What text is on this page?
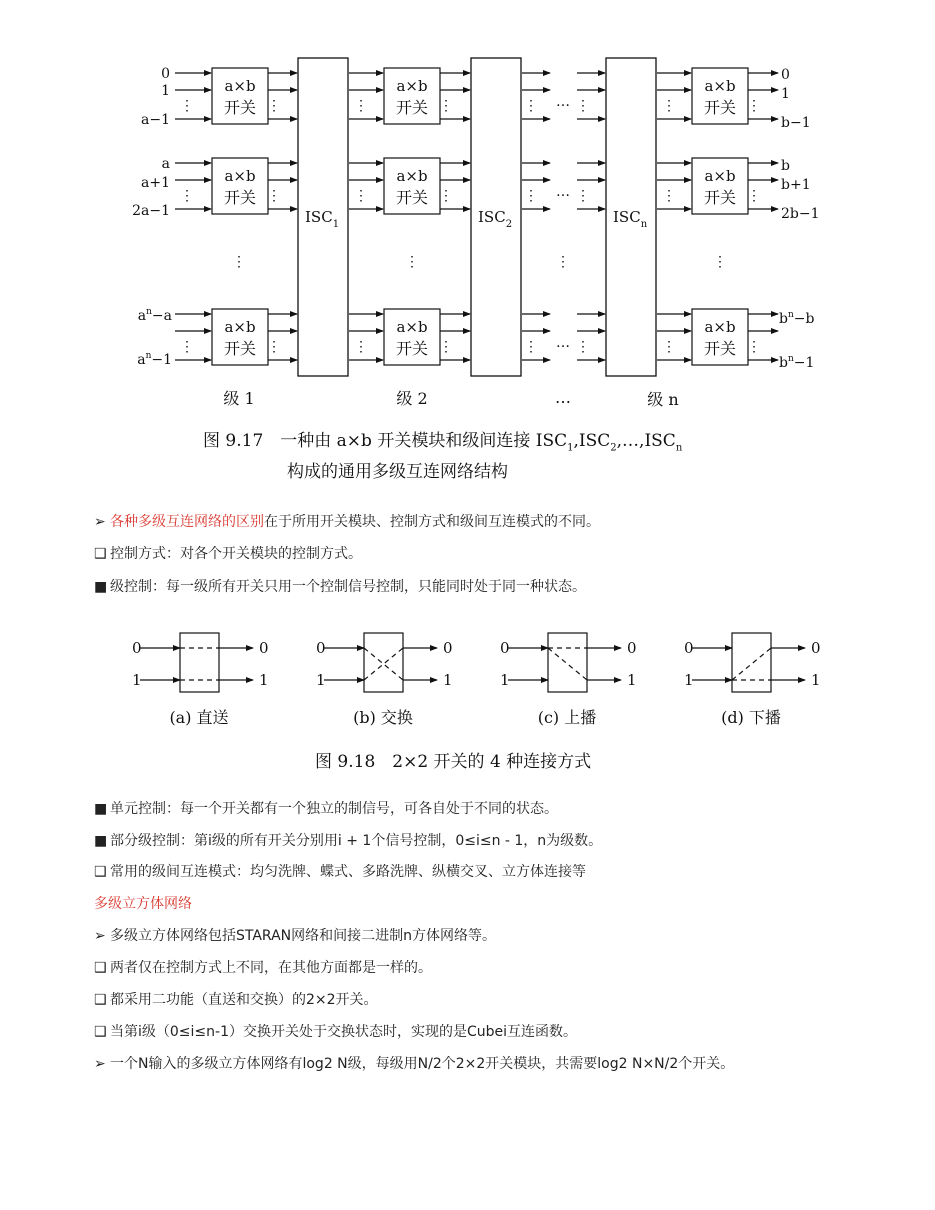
a×b
开关
⋮	⋮
a×b
开关
⋮	⋮
a×b
开关
⋮	⋮
⋮	⋮
…
a×b
开关
⋮	⋮
a×b
开关
⋮	⋮
a×b
开关
⋮	⋮
⋮	⋮
…
a×b
开关
⋮	⋮
a×b
开关
⋮	⋮
a×b
开关
⋮	⋮
⋮	⋮
…
⋮	⋮	⋮	⋮
$ISC_1$	$ISC_2$	$ISC_n$
0
1
a−1
a
a+1
2a−1
$a^n-a$
$a^n-1$
0
1
b−1
b
b+1
2b−1
$b^n-b$
$b^n-1$
级 1	级 2	…	级 n
图 9.17　一种由 a×b 开关模块和级间连接 $ISC_1,ISC_2,\dots,ISC_n$
构成的通用多级互连网络结构
➢ 各种多级互连网络的区别在于所用开关模块、控制方式和级间互连模式的不同。
❑ 控制方式：对各个开关模块的控制方式。
■ 级控制：每一级所有开关只用一个控制信号控制，只能同时处于同一种状态。
0
1
0
1
0
1
0
1
0
1
0
1
0
1
0
1
(a) 直送	(b) 交换	(c) 上播	(d) 下播
图 9.18　2×2 开关的 4 种连接方式
■ 单元控制：每一个开关都有一个独立的制信号，可各自处于不同的状态。
■ 部分级控制：第i级的所有开关分别用i + 1个信号控制，0≤i≤n - 1，n为级数。
❑ 常用的级间互连模式：均匀洗牌、蝶式、多路洗牌、纵横交叉、立方体连接等
多级立方体网络
➢ 多级立方体网络包括STARAN网络和间接二进制n方体网络等。
❑ 两者仅在控制方式上不同，在其他方面都是一样的。
❑ 都采用二功能（直送和交换）的2×2开关。
❑ 当第i级（0≤i≤n-1）交换开关处于交换状态时，实现的是Cubei互连函数。
➢ 一个N输入的多级立方体网络有log2 N级，每级用N/2个2×2开关模块，共需要log2 N×N/2个开关。
